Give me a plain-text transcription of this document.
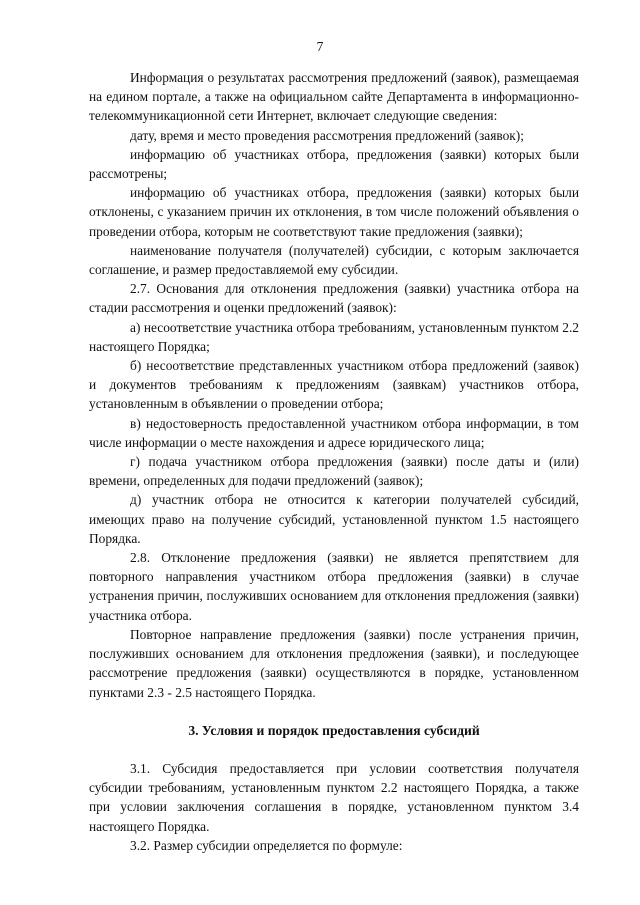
7

Информация о результатах рассмотрения предложений (заявок), размещаемая на едином портале, а также на официальном сайте Департамента в информационно-телекоммуникационной сети Интернет, включает следующие сведения:

дату, время и место проведения рассмотрения предложений (заявок);

информацию об участниках отбора, предложения (заявки) которых были рассмотрены;

информацию об участниках отбора, предложения (заявки) которых были отклонены, с указанием причин их отклонения, в том числе положений объявления о проведении отбора, которым не соответствуют такие предложения (заявки);

наименование получателя (получателей) субсидии, с которым заключается соглашение, и размер предоставляемой ему субсидии.

2.7. Основания для отклонения предложения (заявки) участника отбора на стадии рассмотрения и оценки предложений (заявок):

а) несоответствие участника отбора требованиям, установленным пунктом 2.2 настоящего Порядка;

б) несоответствие представленных участником отбора предложений (заявок) и документов требованиям к предложениям (заявкам) участников отбора, установленным в объявлении о проведении отбора;

в) недостоверность предоставленной участником отбора информации, в том числе информации о месте нахождения и адресе юридического лица;

г) подача участником отбора предложения (заявки) после даты и (или) времени, определенных для подачи предложений (заявок);

д) участник отбора не относится к категории получателей субсидий, имеющих право на получение субсидий, установленной пунктом 1.5 настоящего Порядка.

2.8. Отклонение предложения (заявки) не является препятствием для повторного направления участником отбора предложения (заявки) в случае устранения причин, послуживших основанием для отклонения предложения (заявки) участника отбора.

Повторное направление предложения (заявки) после устранения причин, послуживших основанием для отклонения предложения (заявки), и последующее рассмотрение предложения (заявки) осуществляются в порядке, установленном пунктами 2.3 - 2.5 настоящего Порядка.

3. Условия и порядок предоставления субсидий

3.1. Субсидия предоставляется при условии соответствия получателя субсидии требованиям, установленным пунктом 2.2 настоящего Порядка, а также при условии заключения соглашения в порядке, установленном пунктом 3.4 настоящего Порядка.

3.2. Размер субсидии определяется по формуле:
